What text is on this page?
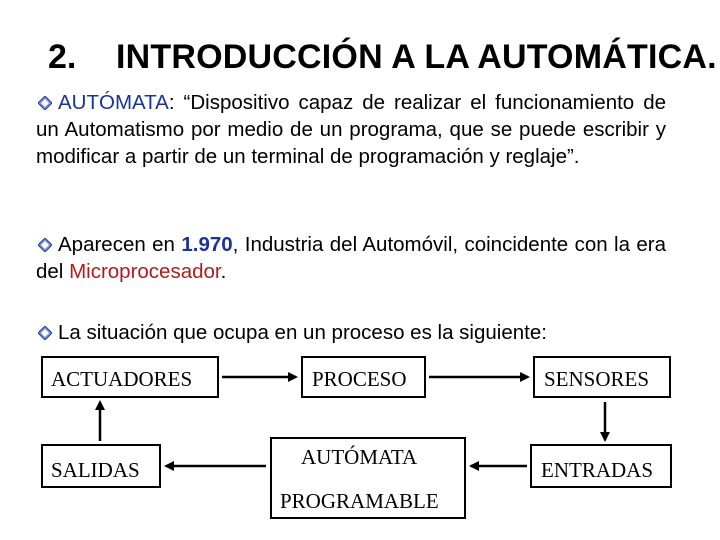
2. INTRODUCCIÓN A LA AUTOMÁTICA.
AUTÓMATA: “Dispositivo capaz de realizar el funcionamiento de un Automatismo por medio de un programa, que se puede escribir y modificar a partir de un terminal de programación y reglaje”.
Aparecen en 1.970, Industria del Automóvil, coincidente con la era del Microprocesador.
La situación que ocupa en un proceso es la siguiente:
ACTUADORES	PROCESO	SENSORES
SALIDAS
AUTÓMATA
PROGRAMABLE
ENTRADAS
